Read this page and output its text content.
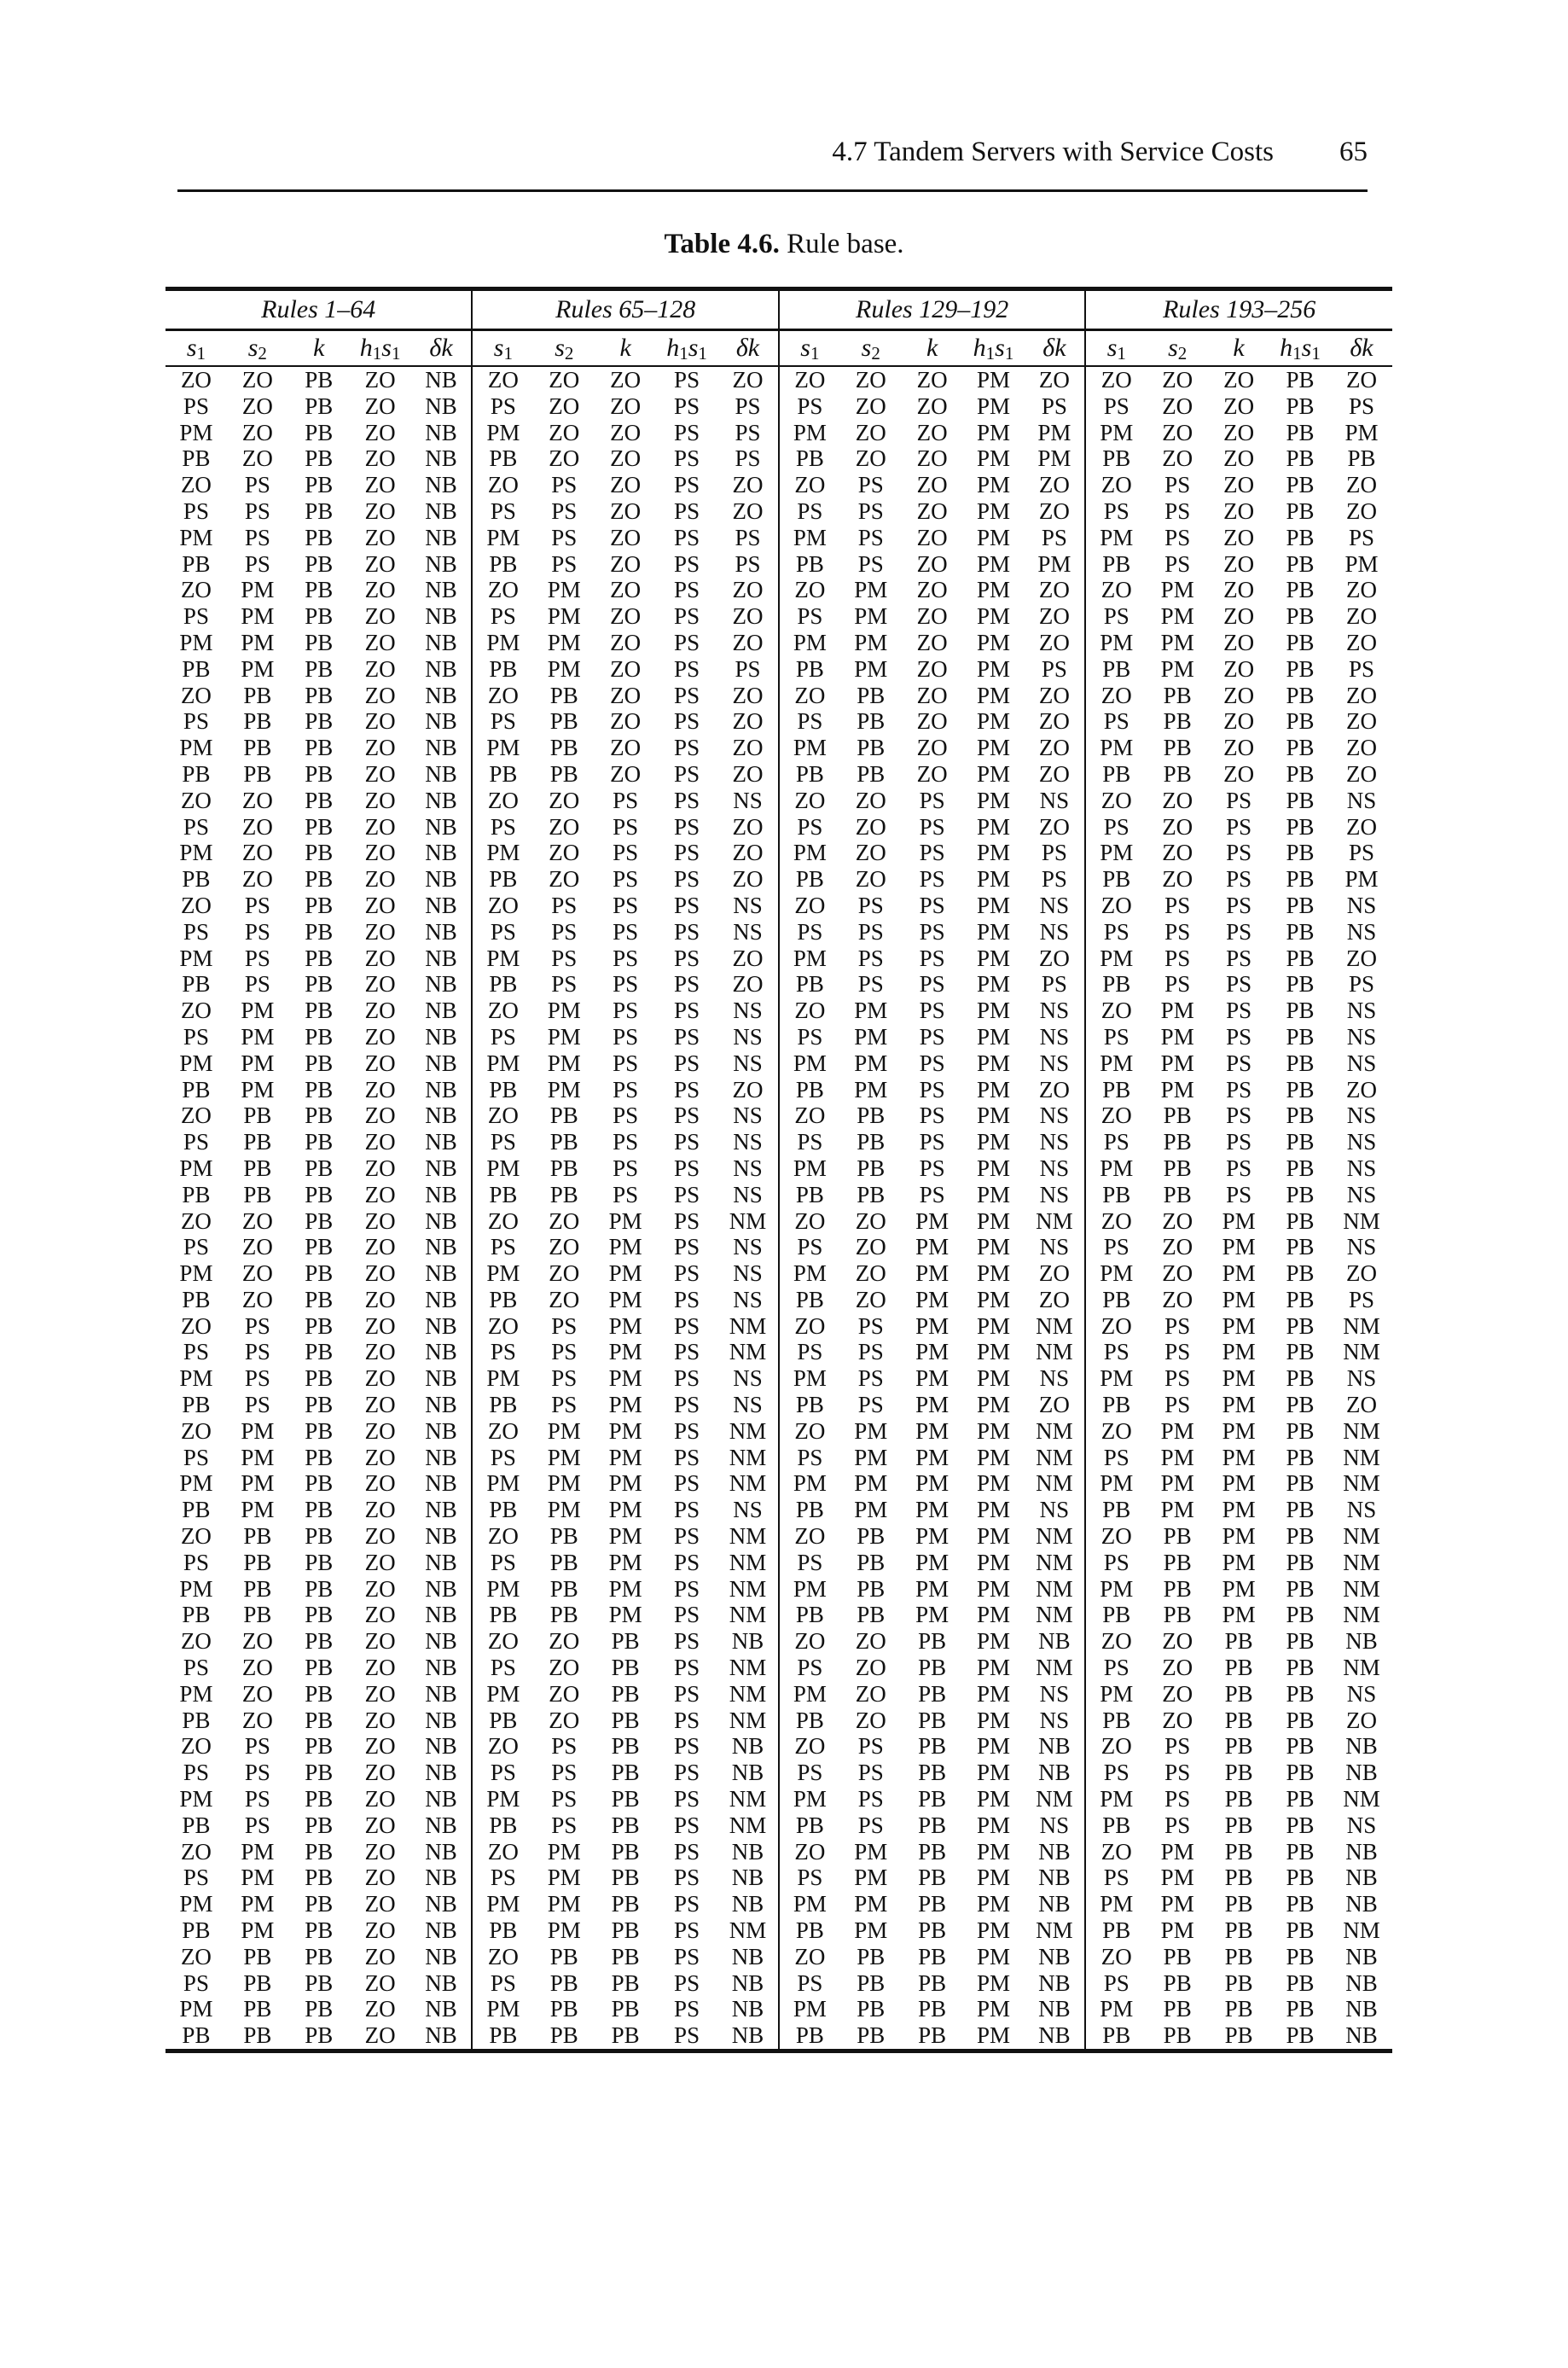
4.7 Tandem Servers with Service Costs 65
Table 4.6. Rule base.
Rules 1–64					Rules 65–128					Rules 129–192					Rules 193–256				
$s_1$	$s_2$	k	$h_1s_1$	δk	$s_1$	$s_2$	k	$h_1s_1$	δk	$s_1$	$s_2$	k	$h_1s_1$	δk	$s_1$	$s_2$	k	$h_1s_1$	δk
ZO	ZO	PB	ZO	NB	ZO	ZO	ZO	PS	ZO	ZO	ZO	ZO	PM	ZO	ZO	ZO	ZO	PB	ZO
PS	ZO	PB	ZO	NB	PS	ZO	ZO	PS	PS	PS	ZO	ZO	PM	PS	PS	ZO	ZO	PB	PS
PM	ZO	PB	ZO	NB	PM	ZO	ZO	PS	PS	PM	ZO	ZO	PM	PM	PM	ZO	ZO	PB	PM
PB	ZO	PB	ZO	NB	PB	ZO	ZO	PS	PS	PB	ZO	ZO	PM	PM	PB	ZO	ZO	PB	PB
ZO	PS	PB	ZO	NB	ZO	PS	ZO	PS	ZO	ZO	PS	ZO	PM	ZO	ZO	PS	ZO	PB	ZO
PS	PS	PB	ZO	NB	PS	PS	ZO	PS	ZO	PS	PS	ZO	PM	ZO	PS	PS	ZO	PB	ZO
PM	PS	PB	ZO	NB	PM	PS	ZO	PS	PS	PM	PS	ZO	PM	PS	PM	PS	ZO	PB	PS
PB	PS	PB	ZO	NB	PB	PS	ZO	PS	PS	PB	PS	ZO	PM	PM	PB	PS	ZO	PB	PM
ZO	PM	PB	ZO	NB	ZO	PM	ZO	PS	ZO	ZO	PM	ZO	PM	ZO	ZO	PM	ZO	PB	ZO
PS	PM	PB	ZO	NB	PS	PM	ZO	PS	ZO	PS	PM	ZO	PM	ZO	PS	PM	ZO	PB	ZO
PM	PM	PB	ZO	NB	PM	PM	ZO	PS	ZO	PM	PM	ZO	PM	ZO	PM	PM	ZO	PB	ZO
PB	PM	PB	ZO	NB	PB	PM	ZO	PS	PS	PB	PM	ZO	PM	PS	PB	PM	ZO	PB	PS
ZO	PB	PB	ZO	NB	ZO	PB	ZO	PS	ZO	ZO	PB	ZO	PM	ZO	ZO	PB	ZO	PB	ZO
PS	PB	PB	ZO	NB	PS	PB	ZO	PS	ZO	PS	PB	ZO	PM	ZO	PS	PB	ZO	PB	ZO
PM	PB	PB	ZO	NB	PM	PB	ZO	PS	ZO	PM	PB	ZO	PM	ZO	PM	PB	ZO	PB	ZO
PB	PB	PB	ZO	NB	PB	PB	ZO	PS	ZO	PB	PB	ZO	PM	ZO	PB	PB	ZO	PB	ZO
ZO	ZO	PB	ZO	NB	ZO	ZO	PS	PS	NS	ZO	ZO	PS	PM	NS	ZO	ZO	PS	PB	NS
PS	ZO	PB	ZO	NB	PS	ZO	PS	PS	ZO	PS	ZO	PS	PM	ZO	PS	ZO	PS	PB	ZO
PM	ZO	PB	ZO	NB	PM	ZO	PS	PS	ZO	PM	ZO	PS	PM	PS	PM	ZO	PS	PB	PS
PB	ZO	PB	ZO	NB	PB	ZO	PS	PS	ZO	PB	ZO	PS	PM	PS	PB	ZO	PS	PB	PM
ZO	PS	PB	ZO	NB	ZO	PS	PS	PS	NS	ZO	PS	PS	PM	NS	ZO	PS	PS	PB	NS
PS	PS	PB	ZO	NB	PS	PS	PS	PS	NS	PS	PS	PS	PM	NS	PS	PS	PS	PB	NS
PM	PS	PB	ZO	NB	PM	PS	PS	PS	ZO	PM	PS	PS	PM	ZO	PM	PS	PS	PB	ZO
PB	PS	PB	ZO	NB	PB	PS	PS	PS	ZO	PB	PS	PS	PM	PS	PB	PS	PS	PB	PS
ZO	PM	PB	ZO	NB	ZO	PM	PS	PS	NS	ZO	PM	PS	PM	NS	ZO	PM	PS	PB	NS
PS	PM	PB	ZO	NB	PS	PM	PS	PS	NS	PS	PM	PS	PM	NS	PS	PM	PS	PB	NS
PM	PM	PB	ZO	NB	PM	PM	PS	PS	NS	PM	PM	PS	PM	NS	PM	PM	PS	PB	NS
PB	PM	PB	ZO	NB	PB	PM	PS	PS	ZO	PB	PM	PS	PM	ZO	PB	PM	PS	PB	ZO
ZO	PB	PB	ZO	NB	ZO	PB	PS	PS	NS	ZO	PB	PS	PM	NS	ZO	PB	PS	PB	NS
PS	PB	PB	ZO	NB	PS	PB	PS	PS	NS	PS	PB	PS	PM	NS	PS	PB	PS	PB	NS
PM	PB	PB	ZO	NB	PM	PB	PS	PS	NS	PM	PB	PS	PM	NS	PM	PB	PS	PB	NS
PB	PB	PB	ZO	NB	PB	PB	PS	PS	NS	PB	PB	PS	PM	NS	PB	PB	PS	PB	NS
ZO	ZO	PB	ZO	NB	ZO	ZO	PM	PS	NM	ZO	ZO	PM	PM	NM	ZO	ZO	PM	PB	NM
PS	ZO	PB	ZO	NB	PS	ZO	PM	PS	NS	PS	ZO	PM	PM	NS	PS	ZO	PM	PB	NS
PM	ZO	PB	ZO	NB	PM	ZO	PM	PS	NS	PM	ZO	PM	PM	ZO	PM	ZO	PM	PB	ZO
PB	ZO	PB	ZO	NB	PB	ZO	PM	PS	NS	PB	ZO	PM	PM	ZO	PB	ZO	PM	PB	PS
ZO	PS	PB	ZO	NB	ZO	PS	PM	PS	NM	ZO	PS	PM	PM	NM	ZO	PS	PM	PB	NM
PS	PS	PB	ZO	NB	PS	PS	PM	PS	NM	PS	PS	PM	PM	NM	PS	PS	PM	PB	NM
PM	PS	PB	ZO	NB	PM	PS	PM	PS	NS	PM	PS	PM	PM	NS	PM	PS	PM	PB	NS
PB	PS	PB	ZO	NB	PB	PS	PM	PS	NS	PB	PS	PM	PM	ZO	PB	PS	PM	PB	ZO
ZO	PM	PB	ZO	NB	ZO	PM	PM	PS	NM	ZO	PM	PM	PM	NM	ZO	PM	PM	PB	NM
PS	PM	PB	ZO	NB	PS	PM	PM	PS	NM	PS	PM	PM	PM	NM	PS	PM	PM	PB	NM
PM	PM	PB	ZO	NB	PM	PM	PM	PS	NM	PM	PM	PM	PM	NM	PM	PM	PM	PB	NM
PB	PM	PB	ZO	NB	PB	PM	PM	PS	NS	PB	PM	PM	PM	NS	PB	PM	PM	PB	NS
ZO	PB	PB	ZO	NB	ZO	PB	PM	PS	NM	ZO	PB	PM	PM	NM	ZO	PB	PM	PB	NM
PS	PB	PB	ZO	NB	PS	PB	PM	PS	NM	PS	PB	PM	PM	NM	PS	PB	PM	PB	NM
PM	PB	PB	ZO	NB	PM	PB	PM	PS	NM	PM	PB	PM	PM	NM	PM	PB	PM	PB	NM
PB	PB	PB	ZO	NB	PB	PB	PM	PS	NM	PB	PB	PM	PM	NM	PB	PB	PM	PB	NM
ZO	ZO	PB	ZO	NB	ZO	ZO	PB	PS	NB	ZO	ZO	PB	PM	NB	ZO	ZO	PB	PB	NB
PS	ZO	PB	ZO	NB	PS	ZO	PB	PS	NM	PS	ZO	PB	PM	NM	PS	ZO	PB	PB	NM
PM	ZO	PB	ZO	NB	PM	ZO	PB	PS	NM	PM	ZO	PB	PM	NS	PM	ZO	PB	PB	NS
PB	ZO	PB	ZO	NB	PB	ZO	PB	PS	NM	PB	ZO	PB	PM	NS	PB	ZO	PB	PB	ZO
ZO	PS	PB	ZO	NB	ZO	PS	PB	PS	NB	ZO	PS	PB	PM	NB	ZO	PS	PB	PB	NB
PS	PS	PB	ZO	NB	PS	PS	PB	PS	NB	PS	PS	PB	PM	NB	PS	PS	PB	PB	NB
PM	PS	PB	ZO	NB	PM	PS	PB	PS	NM	PM	PS	PB	PM	NM	PM	PS	PB	PB	NM
PB	PS	PB	ZO	NB	PB	PS	PB	PS	NM	PB	PS	PB	PM	NS	PB	PS	PB	PB	NS
ZO	PM	PB	ZO	NB	ZO	PM	PB	PS	NB	ZO	PM	PB	PM	NB	ZO	PM	PB	PB	NB
PS	PM	PB	ZO	NB	PS	PM	PB	PS	NB	PS	PM	PB	PM	NB	PS	PM	PB	PB	NB
PM	PM	PB	ZO	NB	PM	PM	PB	PS	NB	PM	PM	PB	PM	NB	PM	PM	PB	PB	NB
PB	PM	PB	ZO	NB	PB	PM	PB	PS	NM	PB	PM	PB	PM	NM	PB	PM	PB	PB	NM
ZO	PB	PB	ZO	NB	ZO	PB	PB	PS	NB	ZO	PB	PB	PM	NB	ZO	PB	PB	PB	NB
PS	PB	PB	ZO	NB	PS	PB	PB	PS	NB	PS	PB	PB	PM	NB	PS	PB	PB	PB	NB
PM	PB	PB	ZO	NB	PM	PB	PB	PS	NB	PM	PB	PB	PM	NB	PM	PB	PB	PB	NB
PB	PB	PB	ZO	NB	PB	PB	PB	PS	NB	PB	PB	PB	PM	NB	PB	PB	PB	PB	NB
